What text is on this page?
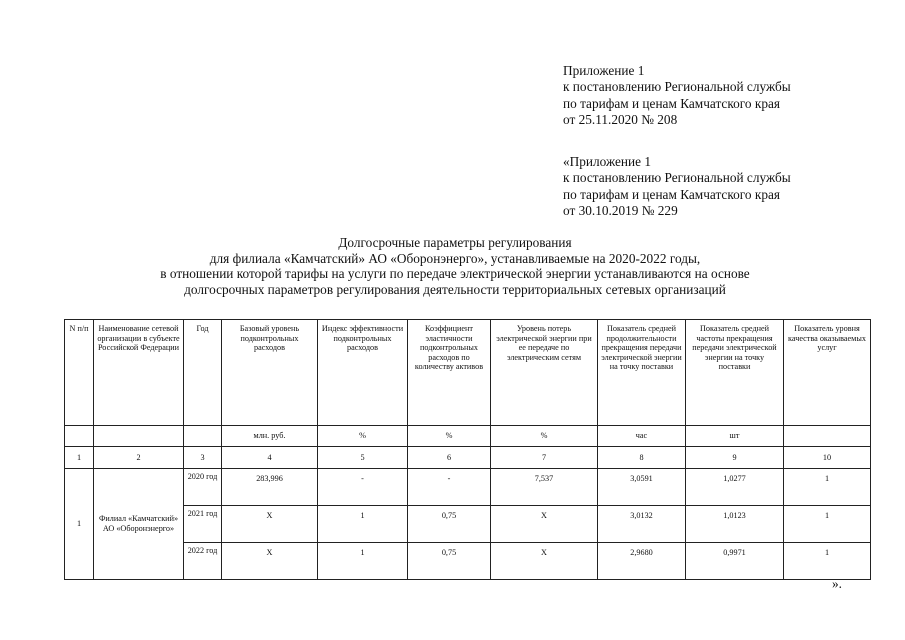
Приложение 1
к постановлению Региональной службы
по тарифам и ценам Камчатского края
от 25.11.2020 № 208
«Приложение 1
к постановлению Региональной службы
по тарифам и ценам Камчатского края
от 30.10.2019 № 229
Долгосрочные параметры регулирования
для филиала «Камчатский» АО «Оборонэнерго», устанавливаемые на 2020-2022 годы,
в отношении которой тарифы на услуги по передаче электрической энергии устанавливаются на основе
долгосрочных параметров регулирования деятельности территориальных сетевых организаций
N п/п	Наименование сетевой организации в субъекте Российской Федерации	Год	Базовый уровень подконтрольных расходов	Индекс эффективности подконтрольных расходов	Коэффициент эластичности подконтрольных расходов по количеству активов	Уровень потерь электрической энергии при ее передаче по электрическим сетям	Показатель средней продолжительности прекращения передачи электрической энергии на точку поставки	Показатель средней частоты прекращения передачи электрической энергии на точку поставки	Показатель уровня качества оказываемых услуг
			млн. руб.	%	%	%	час	шт	
1	2	3	4	5	6	7	8	9	10
1	Филиал «Камчатский» АО «Оборонэнерго»	2020 год	283,996	-	-	7,537	3,0591	1,0277	1
		2021 год	Х	1	0,75	Х	3,0132	1,0123	1
		2022 год	Х	1	0,75	Х	2,9680	0,9971	1
».
